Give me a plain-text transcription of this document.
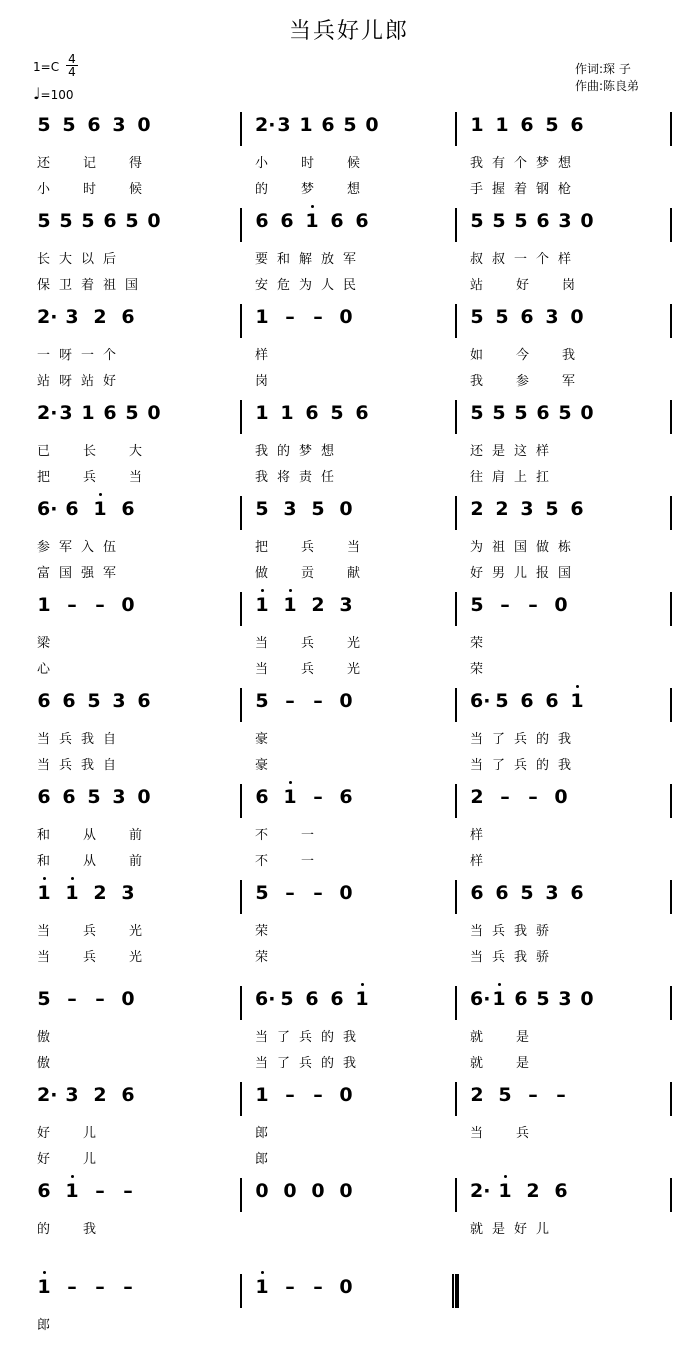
当兵好儿郎
$1=C \frac{4}{4}$
♩=100
作词:琛 子
作曲:陈良弟
5 5 6 3 0
还	记	得
小	时	候
2· 3 1 6 5 0
小	时	候
的	梦	想
1 1 6 5 6
我 有 个 梦 想
手 握 着 钢 枪
5 5 5 6 5 0
长 大 以 后
保 卫 着 祖 国
6 6 1 6 6
要 和 解 放 军
安 危 为 人 民
5 5 5 6 3 0
叔 叔 一 个 样
站	好	岗
2· 3 2 6
一 呀 一 个
站 呀 站 好
1 – – 0
样
岗
5 5 6 3 0
如	今	我
我	参	军
2· 3 1 6 5 0
已	长	大
把	兵	当
1 1 6 5 6
我 的 梦 想
我 将 责 任
5 5 5 6 5 0
还 是 这 样
往 肩 上 扛
6· 6 1 6
参 军 入 伍
富 国 强 军
5 3 5 0
把	兵	当
做	贡	献
2 2 3 5 6
为 祖 国 做 栋
好 男 儿 报 国
1 – – 0
梁
心
1 1 2 3
当	兵	光
当	兵	光
5 – – 0
荣
荣
6 6 5 3 6
当 兵 我 自
当 兵 我 自
5 – – 0
豪
豪
6· 5 6 6 1
当 了 兵 的 我
当 了 兵 的 我
6 6 5 3 0
和	从	前
和	从	前
6 1 – 6
不	一
不	一
2 – – 0
样
样
1 1 2 3
当	兵	光
当	兵	光
5 – – 0
荣
荣
6 6 5 3 6
当 兵 我 骄
当 兵 我 骄
5 – – 0
傲
傲
6· 5 6 6 1
当 了 兵 的 我
当 了 兵 的 我
6· 1 6 5 3 0
就	是
就	是
2· 3 2 6
好	儿
好	儿
1 – – 0
郎
郎
2 5 – –
当	兵
6 1 – –
的	我
0 0 0 0	2· 1 2 6
就 是 好 儿
1 – – –
郎
1 – – 0
